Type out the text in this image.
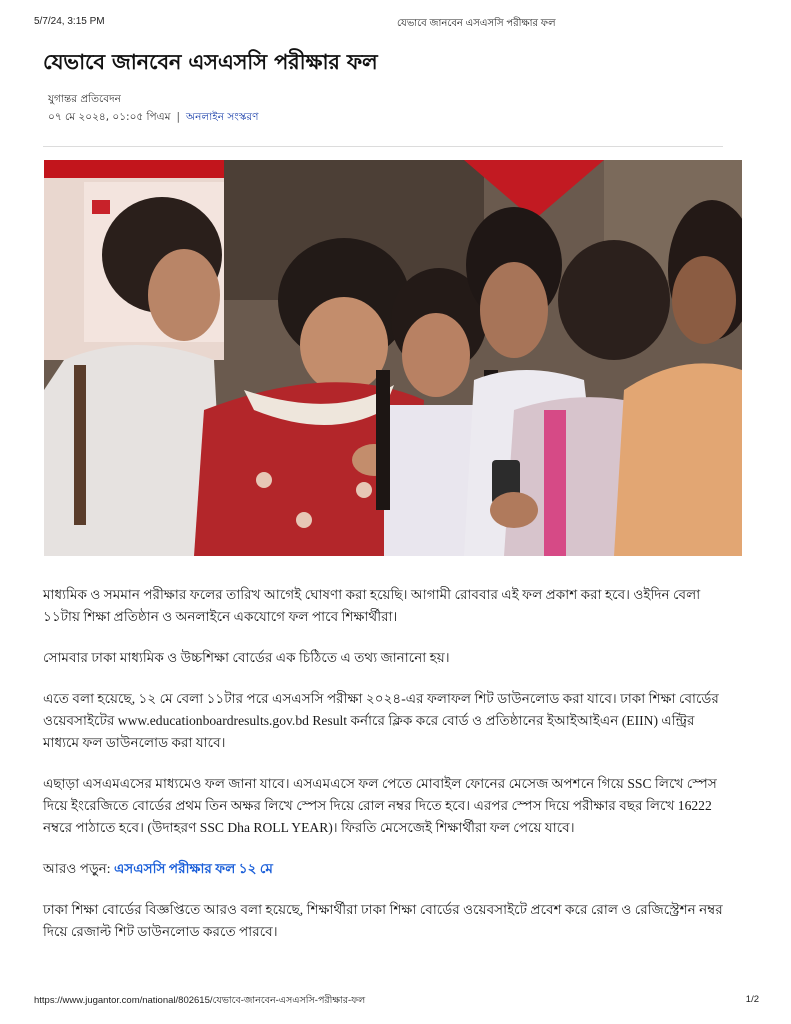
5/7/24, 3:15 PM	যেভাবে জানবেন এসএসসি পরীক্ষার ফল
যেভাবে জানবেন এসএসসি পরীক্ষার ফল
যুগান্তর প্রতিবেদন
০৭ মে ২০২৪, ০১:০৫ পিএম | অনলাইন সংস্করণ

মাধ্যমিক ও সমমান পরীক্ষার ফলের তারিখ আগেই ঘোষণা করা হয়েছি। আগামী রোববার এই ফল প্রকাশ করা হবে। ওইদিন বেলা ১১টায় শিক্ষা প্রতিষ্ঠান ও অনলাইনে একযোগে ফল পাবে শিক্ষার্থীরা।

সোমবার ঢাকা মাধ্যমিক ও উচ্চশিক্ষা বোর্ডের এক চিঠিতে এ তথ্য জানানো হয়।

এতে বলা হয়েছে, ১২ মে বেলা ১১টার পরে এসএসসি পরীক্ষা ২০২৪-এর ফলাফল শিট ডাউনলোড করা যাবে। ঢাকা শিক্ষা বোর্ডের ওয়েবসাইটের www.educationboardresults.gov.bd Result কর্নারে ক্লিক করে বোর্ড ও প্রতিষ্ঠানের ইআইআইএন (EIIN) এন্ট্রির মাধ্যমে ফল ডাউনলোড করা যাবে।

এছাড়া এসএমএসের মাধ্যমেও ফল জানা যাবে। এসএমএসে ফল পেতে মোবাইল ফোনের মেসেজ অপশনে গিয়ে SSC লিখে স্পেস দিয়ে ইংরেজিতে বোর্ডের প্রথম তিন অক্ষর লিখে স্পেস দিয়ে রোল নম্বর দিতে হবে। এরপর স্পেস দিয়ে পরীক্ষার বছর লিখে 16222 নম্বরে পাঠাতে হবে। (উদাহরণ SSC Dha ROLL YEAR)। ফিরতি মেসেজেই শিক্ষার্থীরা ফল পেয়ে যাবে।

আরও পড়ুন: এসএসসি পরীক্ষার ফল ১২ মে

ঢাকা শিক্ষা বোর্ডের বিজ্ঞপ্তিতে আরও বলা হয়েছে, শিক্ষার্থীরা ঢাকা শিক্ষা বোর্ডের ওয়েবসাইটে প্রবেশ করে রোল ও রেজিস্ট্রেশন নম্বর দিয়ে রেজাল্ট শিট ডাউনলোড করতে পারবে।

https://www.jugantor.com/national/802615/যেভাবে-জানবেন-এসএসসি-পরীক্ষার-ফল	1/2
